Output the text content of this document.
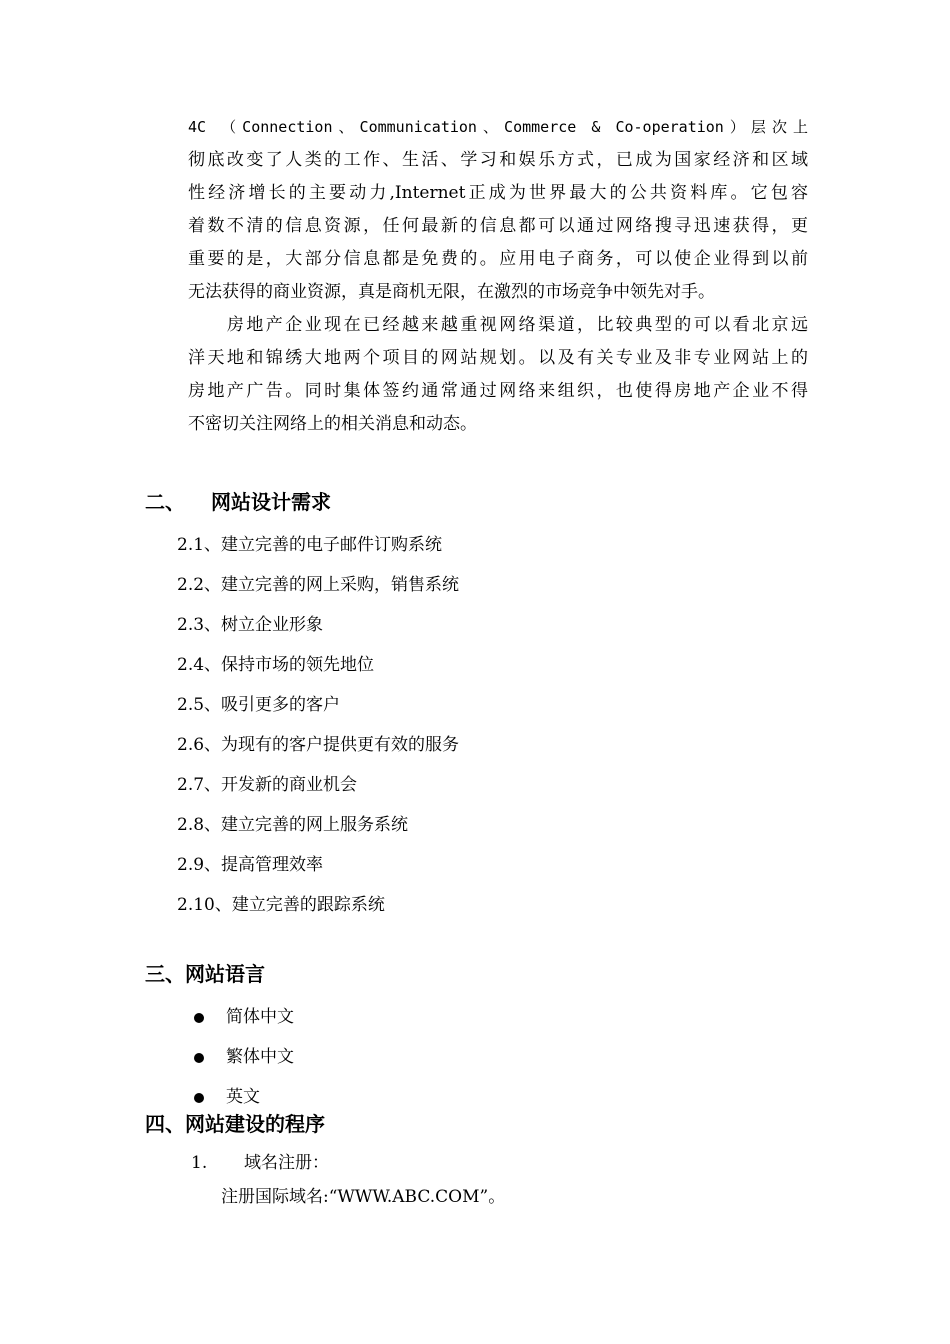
4C （Connection、Communication、Commerce & Co-operation）层次上
彻底改变了人类的工作、生活、学习和娱乐方式，已成为国家经济和区域
性经济增长的主要动力,Internet正成为世界最大的公共资料库。它包容
着数不清的信息资源，任何最新的信息都可以通过网络搜寻迅速获得，更
重要的是，大部分信息都是免费的。应用电子商务，可以使企业得到以前
无法获得的商业资源，真是商机无限，在激烈的市场竞争中领先对手。
　　房地产企业现在已经越来越重视网络渠道，比较典型的可以看北京远
洋天地和锦绣大地两个项目的网站规划。以及有关专业及非专业网站上的
房地产广告。同时集体签约通常通过网络来组织，也使得房地产企业不得
不密切关注网络上的相关消息和动态。
二、 网站设计需求
2.1、建立完善的电子邮件订购系统
2.2、建立完善的网上采购，销售系统
2.3、树立企业形象
2.4、保持市场的领先地位
2.5、吸引更多的客户
2.6、为现有的客户提供更有效的服务
2.7、开发新的商业机会
2.8、建立完善的网上服务系统
2.9、提高管理效率
2.10、建立完善的跟踪系统
三、网站语言
简体中文
繁体中文
英文
四、网站建设的程序
1. 域名注册：
注册国际域名:“WWW.ABC.COM”。
